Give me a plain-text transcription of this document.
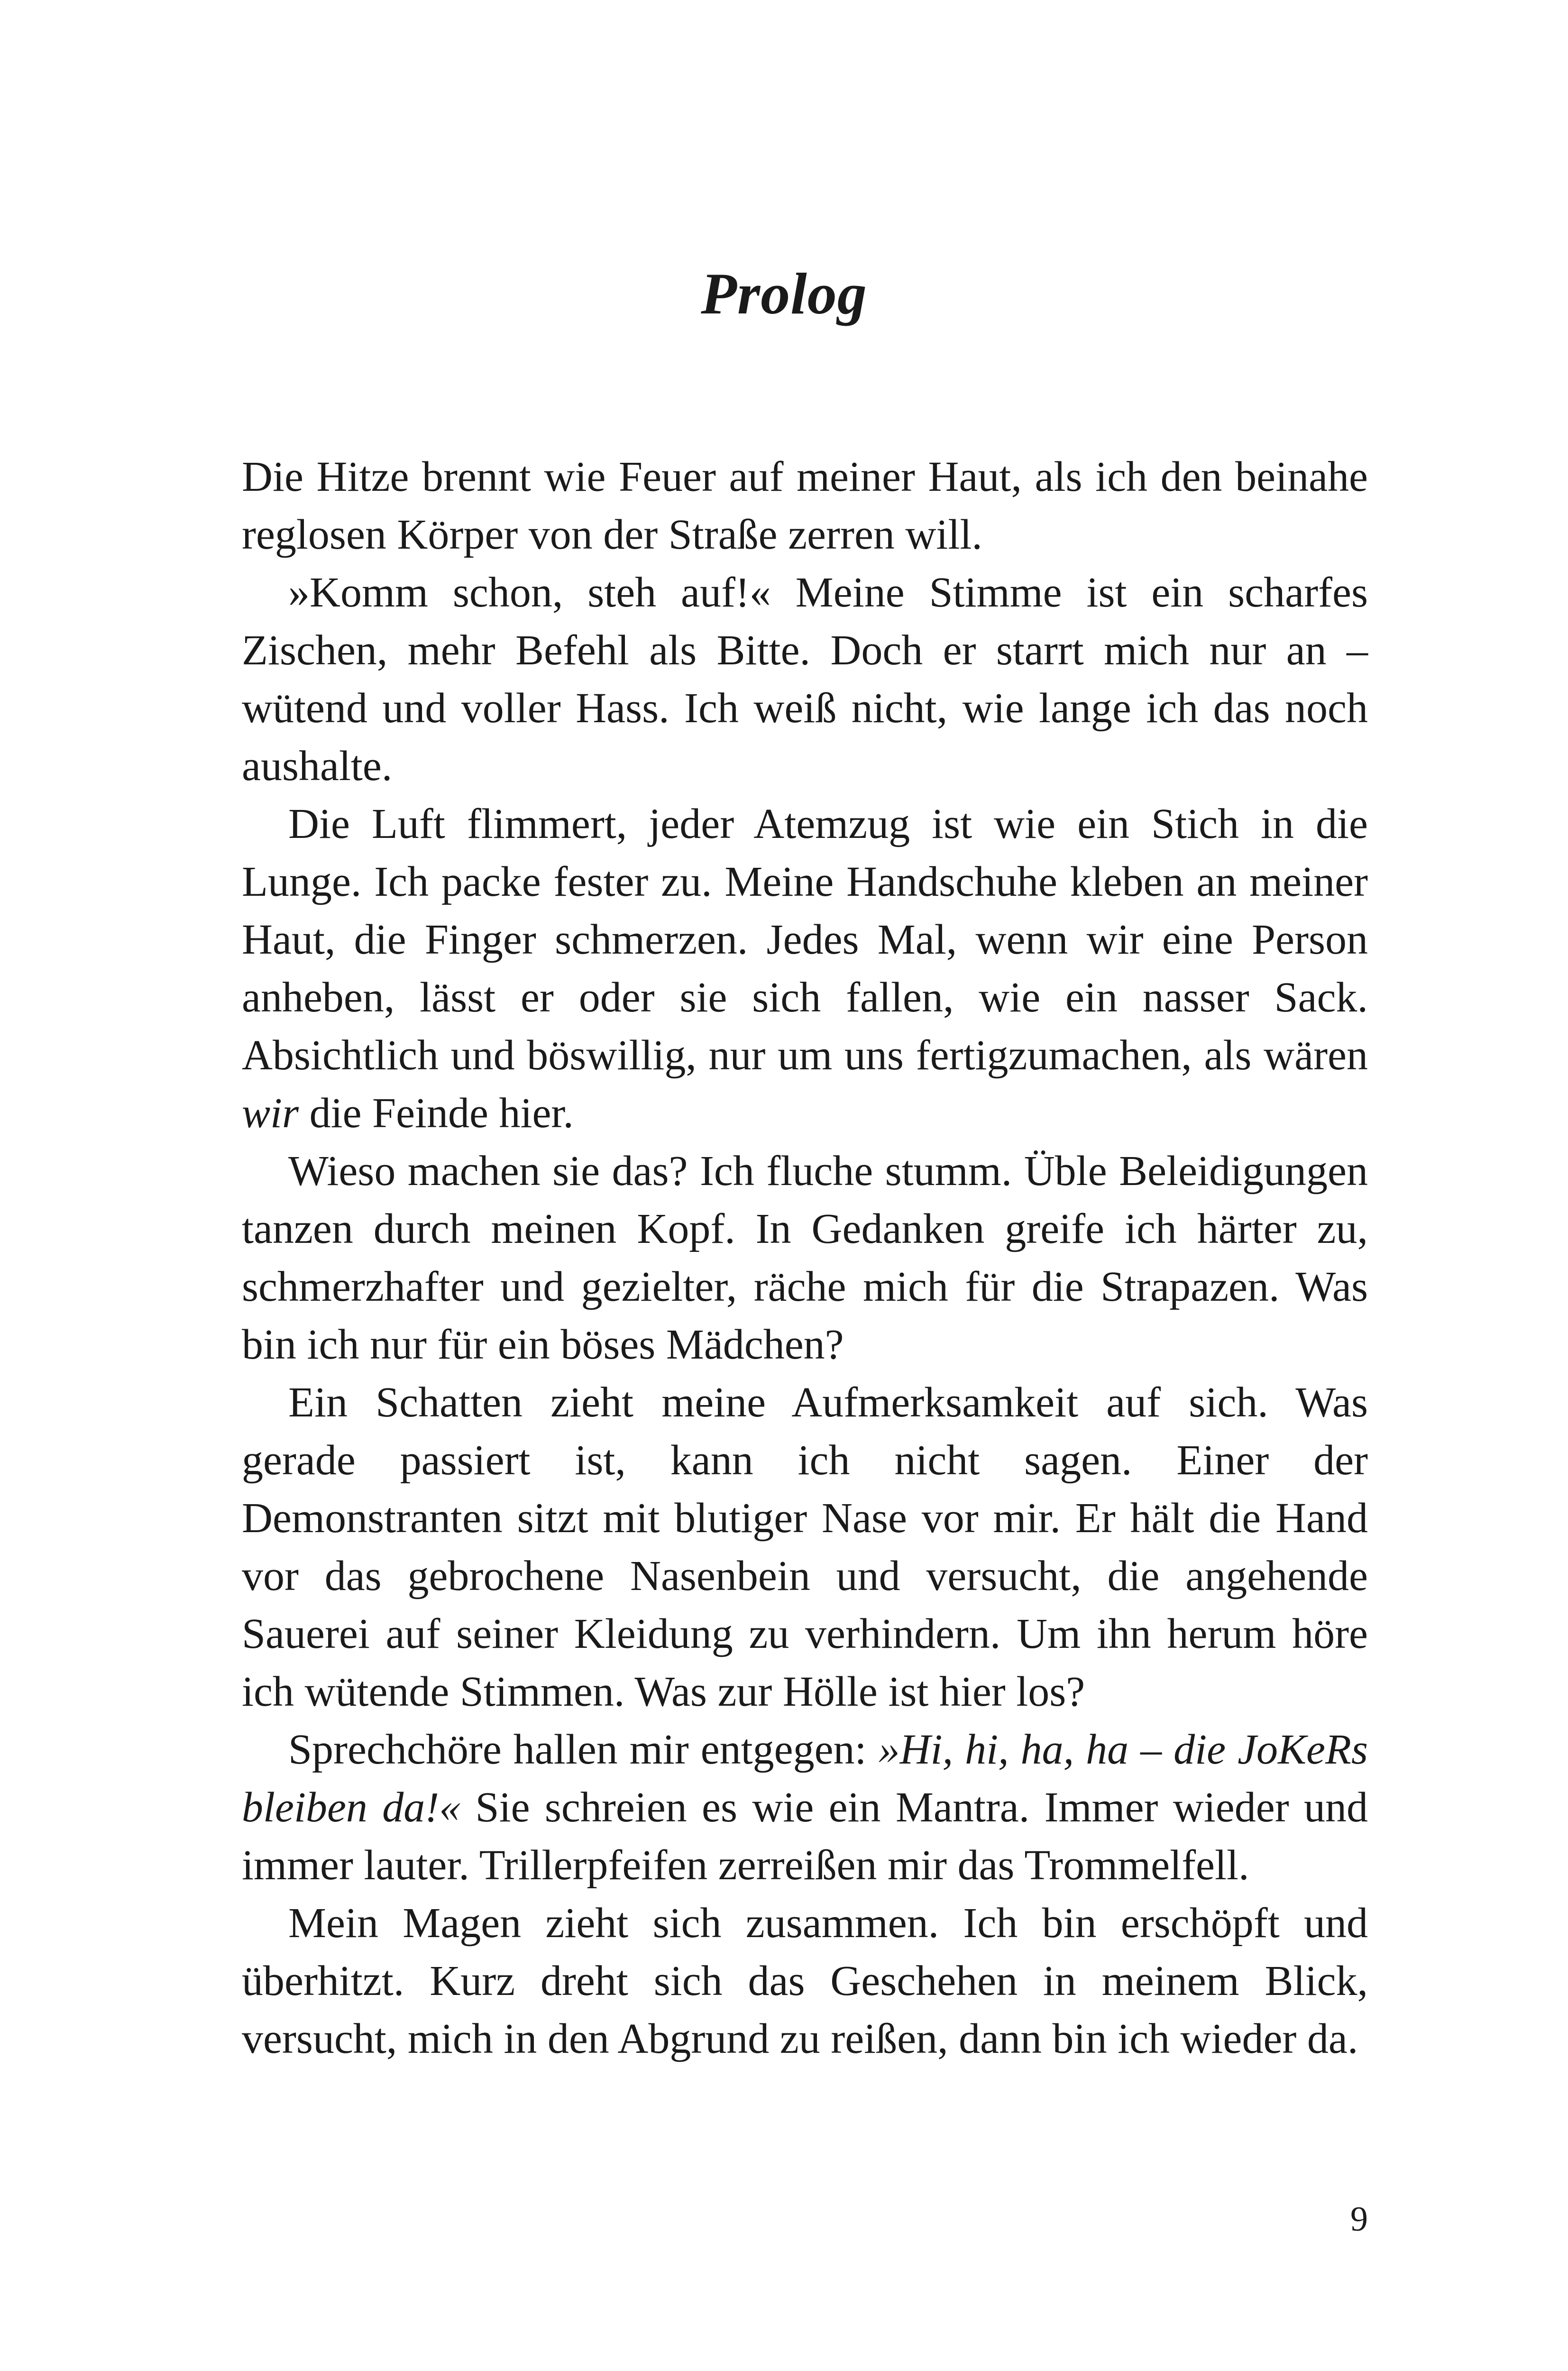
Prolog

Die Hitze brennt wie Feuer auf meiner Haut, als ich den beinahe reglosen Körper von der Straße zerren will.

»Komm schon, steh auf!« Meine Stimme ist ein scharfes Zischen, mehr Befehl als Bitte. Doch er starrt mich nur an – wütend und voller Hass. Ich weiß nicht, wie lange ich das noch aushalte.

Die Luft flimmert, jeder Atemzug ist wie ein Stich in die Lunge. Ich packe fester zu. Meine Handschuhe kleben an meiner Haut, die Finger schmerzen. Jedes Mal, wenn wir eine Person anheben, lässt er oder sie sich fallen, wie ein nasser Sack. Absichtlich und böswillig, nur um uns fertigzumachen, als wären wir die Feinde hier.

Wieso machen sie das? Ich fluche stumm. Üble Beleidigungen tanzen durch meinen Kopf. In Gedanken greife ich härter zu, schmerzhafter und gezielter, räche mich für die Strapazen. Was bin ich nur für ein böses Mädchen?

Ein Schatten zieht meine Aufmerksamkeit auf sich. Was gerade passiert ist, kann ich nicht sagen. Einer der Demonstranten sitzt mit blutiger Nase vor mir. Er hält die Hand vor das gebrochene Nasenbein und versucht, die angehende Sauerei auf seiner Kleidung zu verhindern. Um ihn herum höre ich wütende Stimmen. Was zur Hölle ist hier los?

Sprechchöre hallen mir entgegen: »Hi, hi, ha, ha – die JoKeRs bleiben da!« Sie schreien es wie ein Mantra. Immer wieder und immer lauter. Trillerpfeifen zerreißen mir das Trommelfell.

Mein Magen zieht sich zusammen. Ich bin erschöpft und überhitzt. Kurz dreht sich das Geschehen in meinem Blick, versucht, mich in den Abgrund zu reißen, dann bin ich wieder da.

9
